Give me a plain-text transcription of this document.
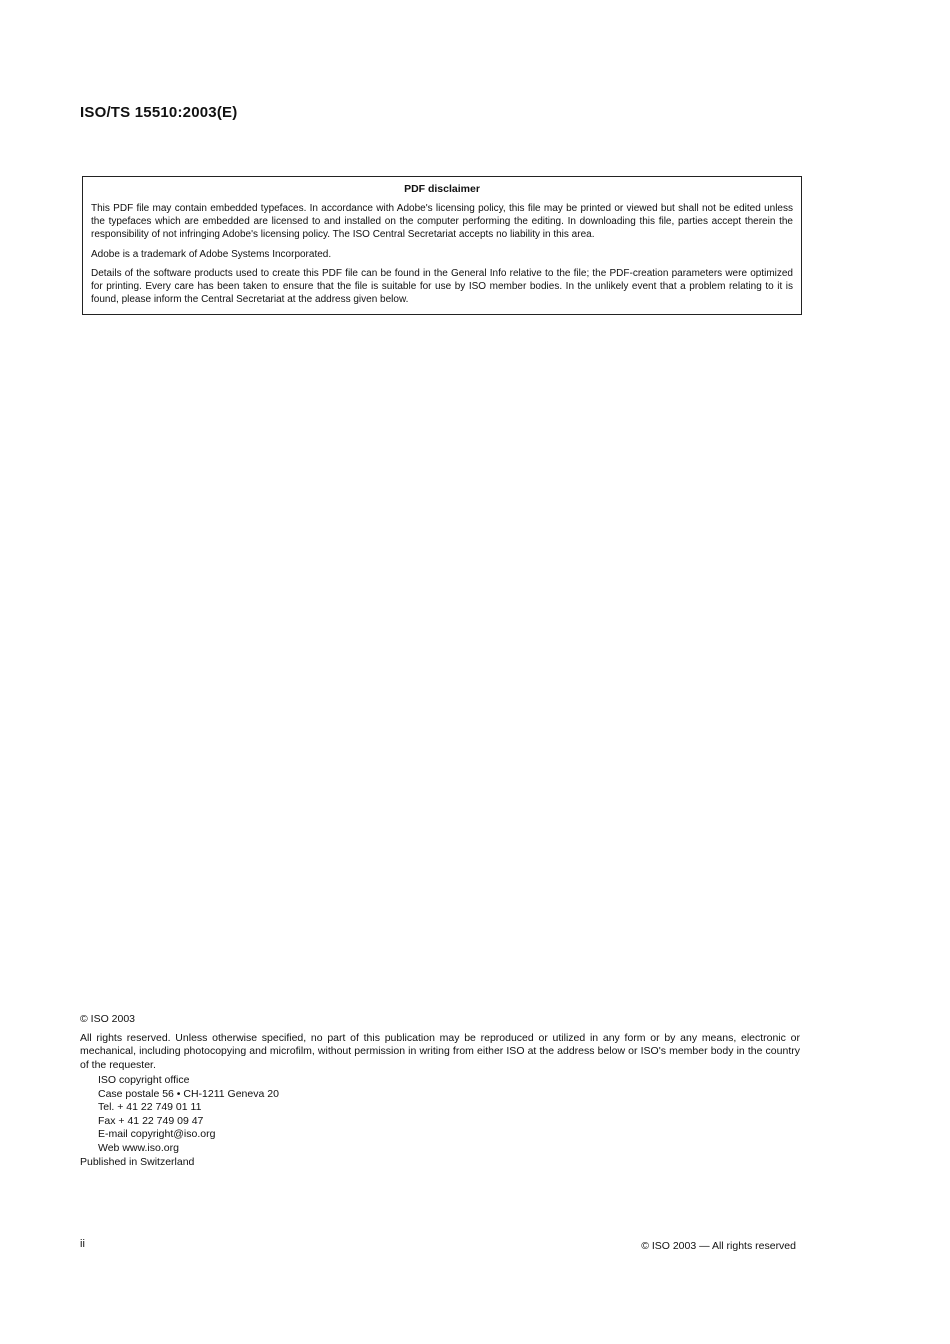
ISO/TS 15510:2003(E)
PDF disclaimer

This PDF file may contain embedded typefaces. In accordance with Adobe's licensing policy, this file may be printed or viewed but shall not be edited unless the typefaces which are embedded are licensed to and installed on the computer performing the editing. In downloading this file, parties accept therein the responsibility of not infringing Adobe's licensing policy. The ISO Central Secretariat accepts no liability in this area.

Adobe is a trademark of Adobe Systems Incorporated.

Details of the software products used to create this PDF file can be found in the General Info relative to the file; the PDF-creation parameters were optimized for printing. Every care has been taken to ensure that the file is suitable for use by ISO member bodies. In the unlikely event that a problem relating to it is found, please inform the Central Secretariat at the address given below.

© ISO 2003
All rights reserved. Unless otherwise specified, no part of this publication may be reproduced or utilized in any form or by any means, electronic or mechanical, including photocopying and microfilm, without permission in writing from either ISO at the address below or ISO's member body in the country of the requester.
ISO copyright office
Case postale 56 • CH-1211 Geneva 20
Tel. + 41 22 749 01 11
Fax + 41 22 749 09 47
E-mail copyright@iso.org
Web www.iso.org
Published in Switzerland
ii	© ISO 2003 — All rights reserved
